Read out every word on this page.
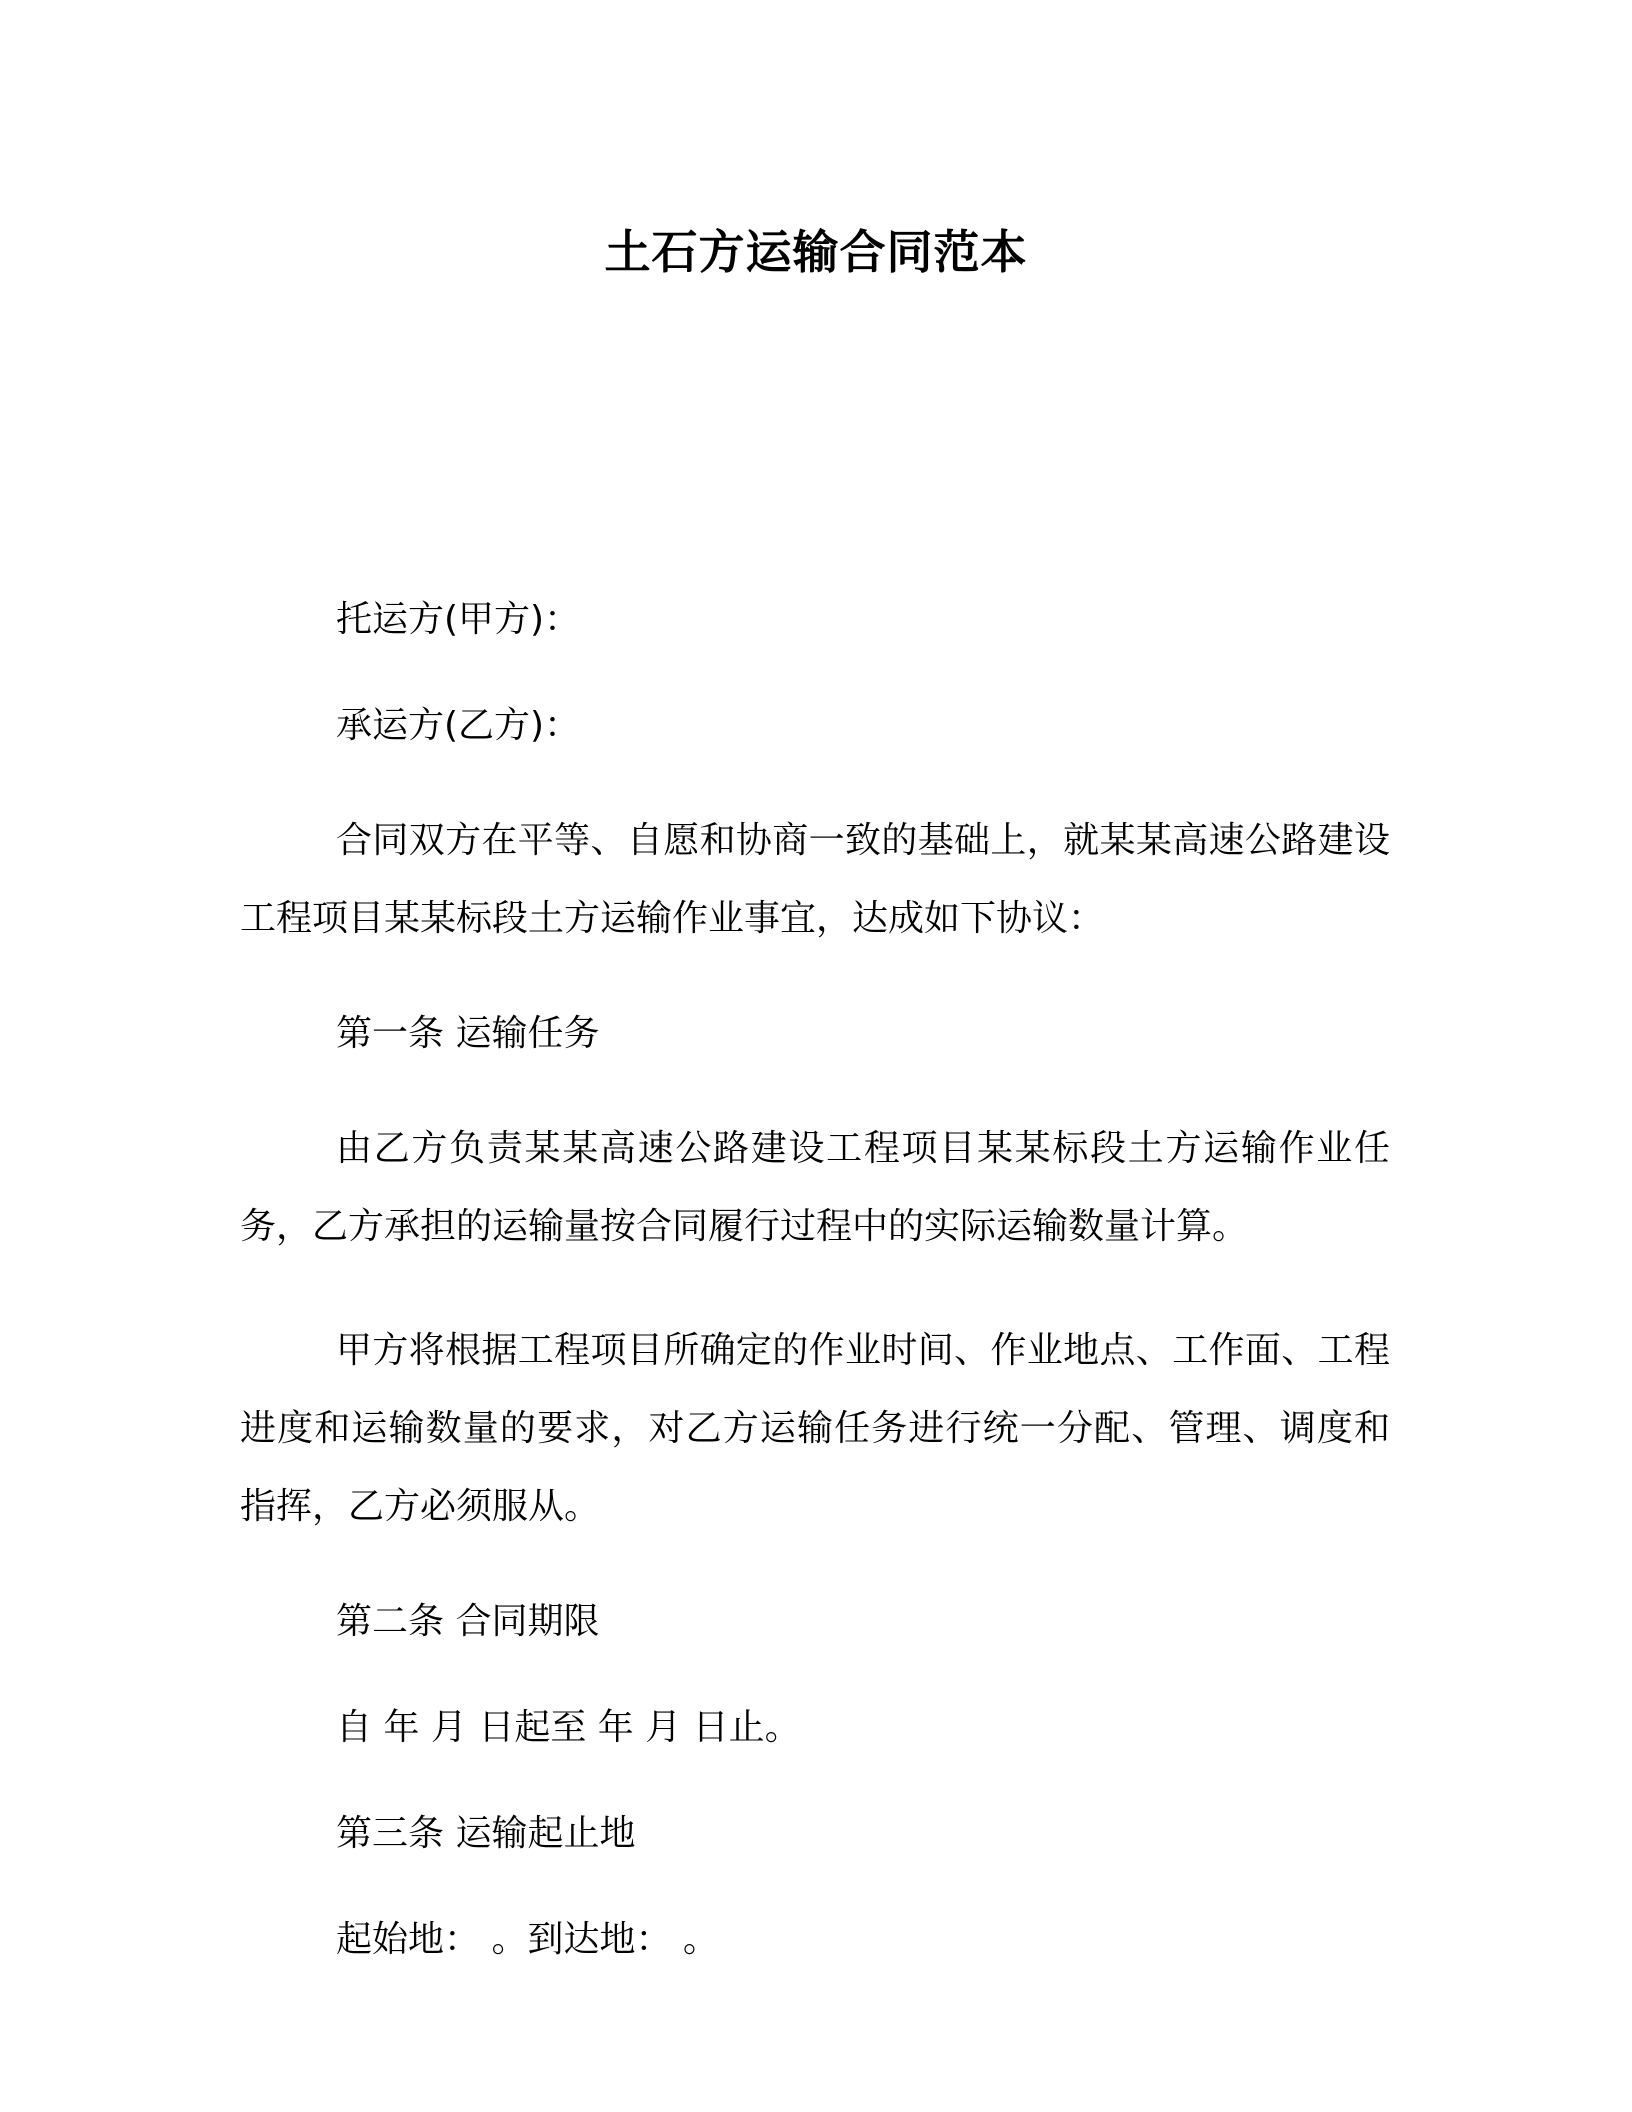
土石方运输合同范本

托运方(甲方)：

承运方(乙方)：

合同双方在平等、自愿和协商一致的基础上，就某某高速公路建设工程项目某某标段土方运输作业事宜，达成如下协议：

第一条 运输任务

由乙方负责某某高速公路建设工程项目某某标段土方运输作业任务，乙方承担的运输量按合同履行过程中的实际运输数量计算。

甲方将根据工程项目所确定的作业时间、作业地点、工作面、工程进度和运输数量的要求，对乙方运输任务进行统一分配、管理、调度和指挥，乙方必须服从。

第二条 合同期限

自 年 月 日起至 年 月 日止。

第三条 运输起止地

起始地： 。到达地： 。
